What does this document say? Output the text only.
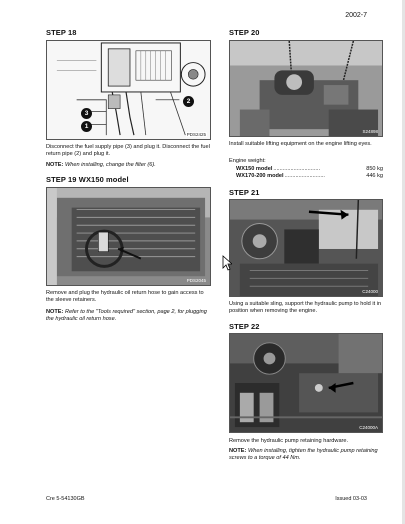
2002-7
STEP 18
3
1
2
PDS2425
Disconnect the fuel supply pipe (3) and plug it. Disconnect the fuel return pipe (2) and plug it.
NOTE: When installing, change the filter (6).
STEP 19 WX150 model
PDS2045
Remove and plug the hydraulic oil return hose to gain access to the sleeve retainers.
NOTE: Refer to the "Tools required" section, page 2, for plugging the hydraulic oil return hose.
STEP 20
S24898
Install suitable lifting equipment on the engine lifting eyes.
Engine weight:
WX150 model ..............................	850 kg
WX170-200 model ..........................	446 kg
STEP 21
C24000
Using a suitable sling, support the hydraulic pump to hold it in position when removing the engine.
STEP 22
C24000A
Remove the hydraulic pump retaining hardware.
NOTE: When installing, tighten the hydraulic pump retaining screws to a torque of 44 Nm.
Cre 5-54130GB	Issued 03-03
